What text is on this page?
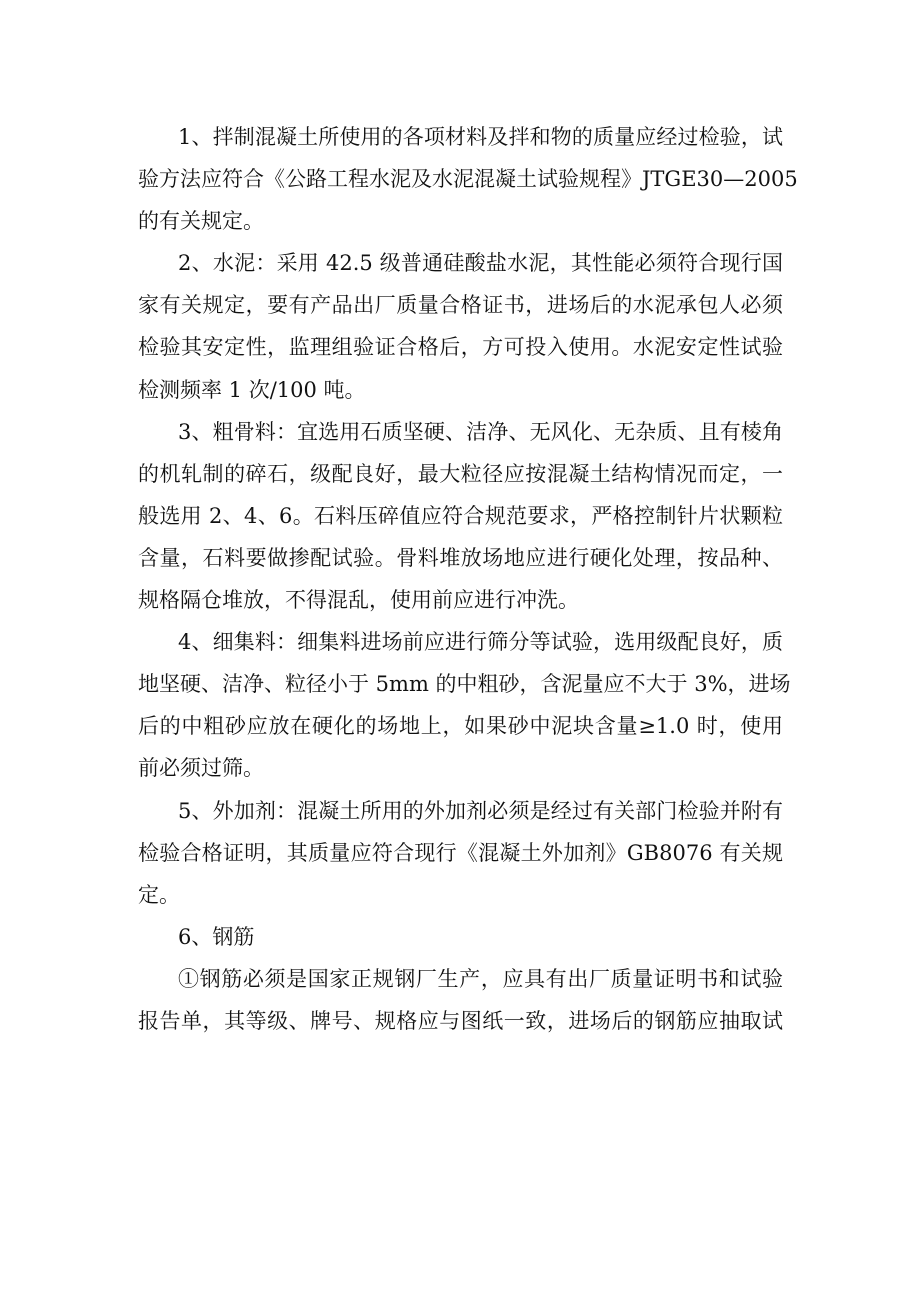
1、拌制混凝土所使用的各项材料及拌和物的质量应经过检验，试
验方法应符合《公路工程水泥及水泥混凝土试验规程》JTGE30—2005
的有关规定。
2、水泥：采用 42.5 级普通硅酸盐水泥，其性能必须符合现行国
家有关规定，要有产品出厂质量合格证书，进场后的水泥承包人必须
检验其安定性，监理组验证合格后，方可投入使用。水泥安定性试验
检测频率 1 次/100 吨。
3、粗骨料：宜选用石质坚硬、洁净、无风化、无杂质、且有棱角
的机轧制的碎石，级配良好，最大粒径应按混凝土结构情况而定，一
般选用 2、4、6。石料压碎值应符合规范要求，严格控制针片状颗粒
含量，石料要做掺配试验。骨料堆放场地应进行硬化处理，按品种、
规格隔仓堆放，不得混乱，使用前应进行冲洗。
4、细集料：细集料进场前应进行筛分等试验，选用级配良好，质
地坚硬、洁净、粒径小于 5mm 的中粗砂，含泥量应不大于 3%，进场
后的中粗砂应放在硬化的场地上，如果砂中泥块含量≥1.0 时，使用
前必须过筛。
5、外加剂：混凝土所用的外加剂必须是经过有关部门检验并附有
检验合格证明，其质量应符合现行《混凝土外加剂》GB8076 有关规
定。
6、钢筋
①钢筋必须是国家正规钢厂生产，应具有出厂质量证明书和试验
报告单，其等级、牌号、规格应与图纸一致，进场后的钢筋应抽取试
